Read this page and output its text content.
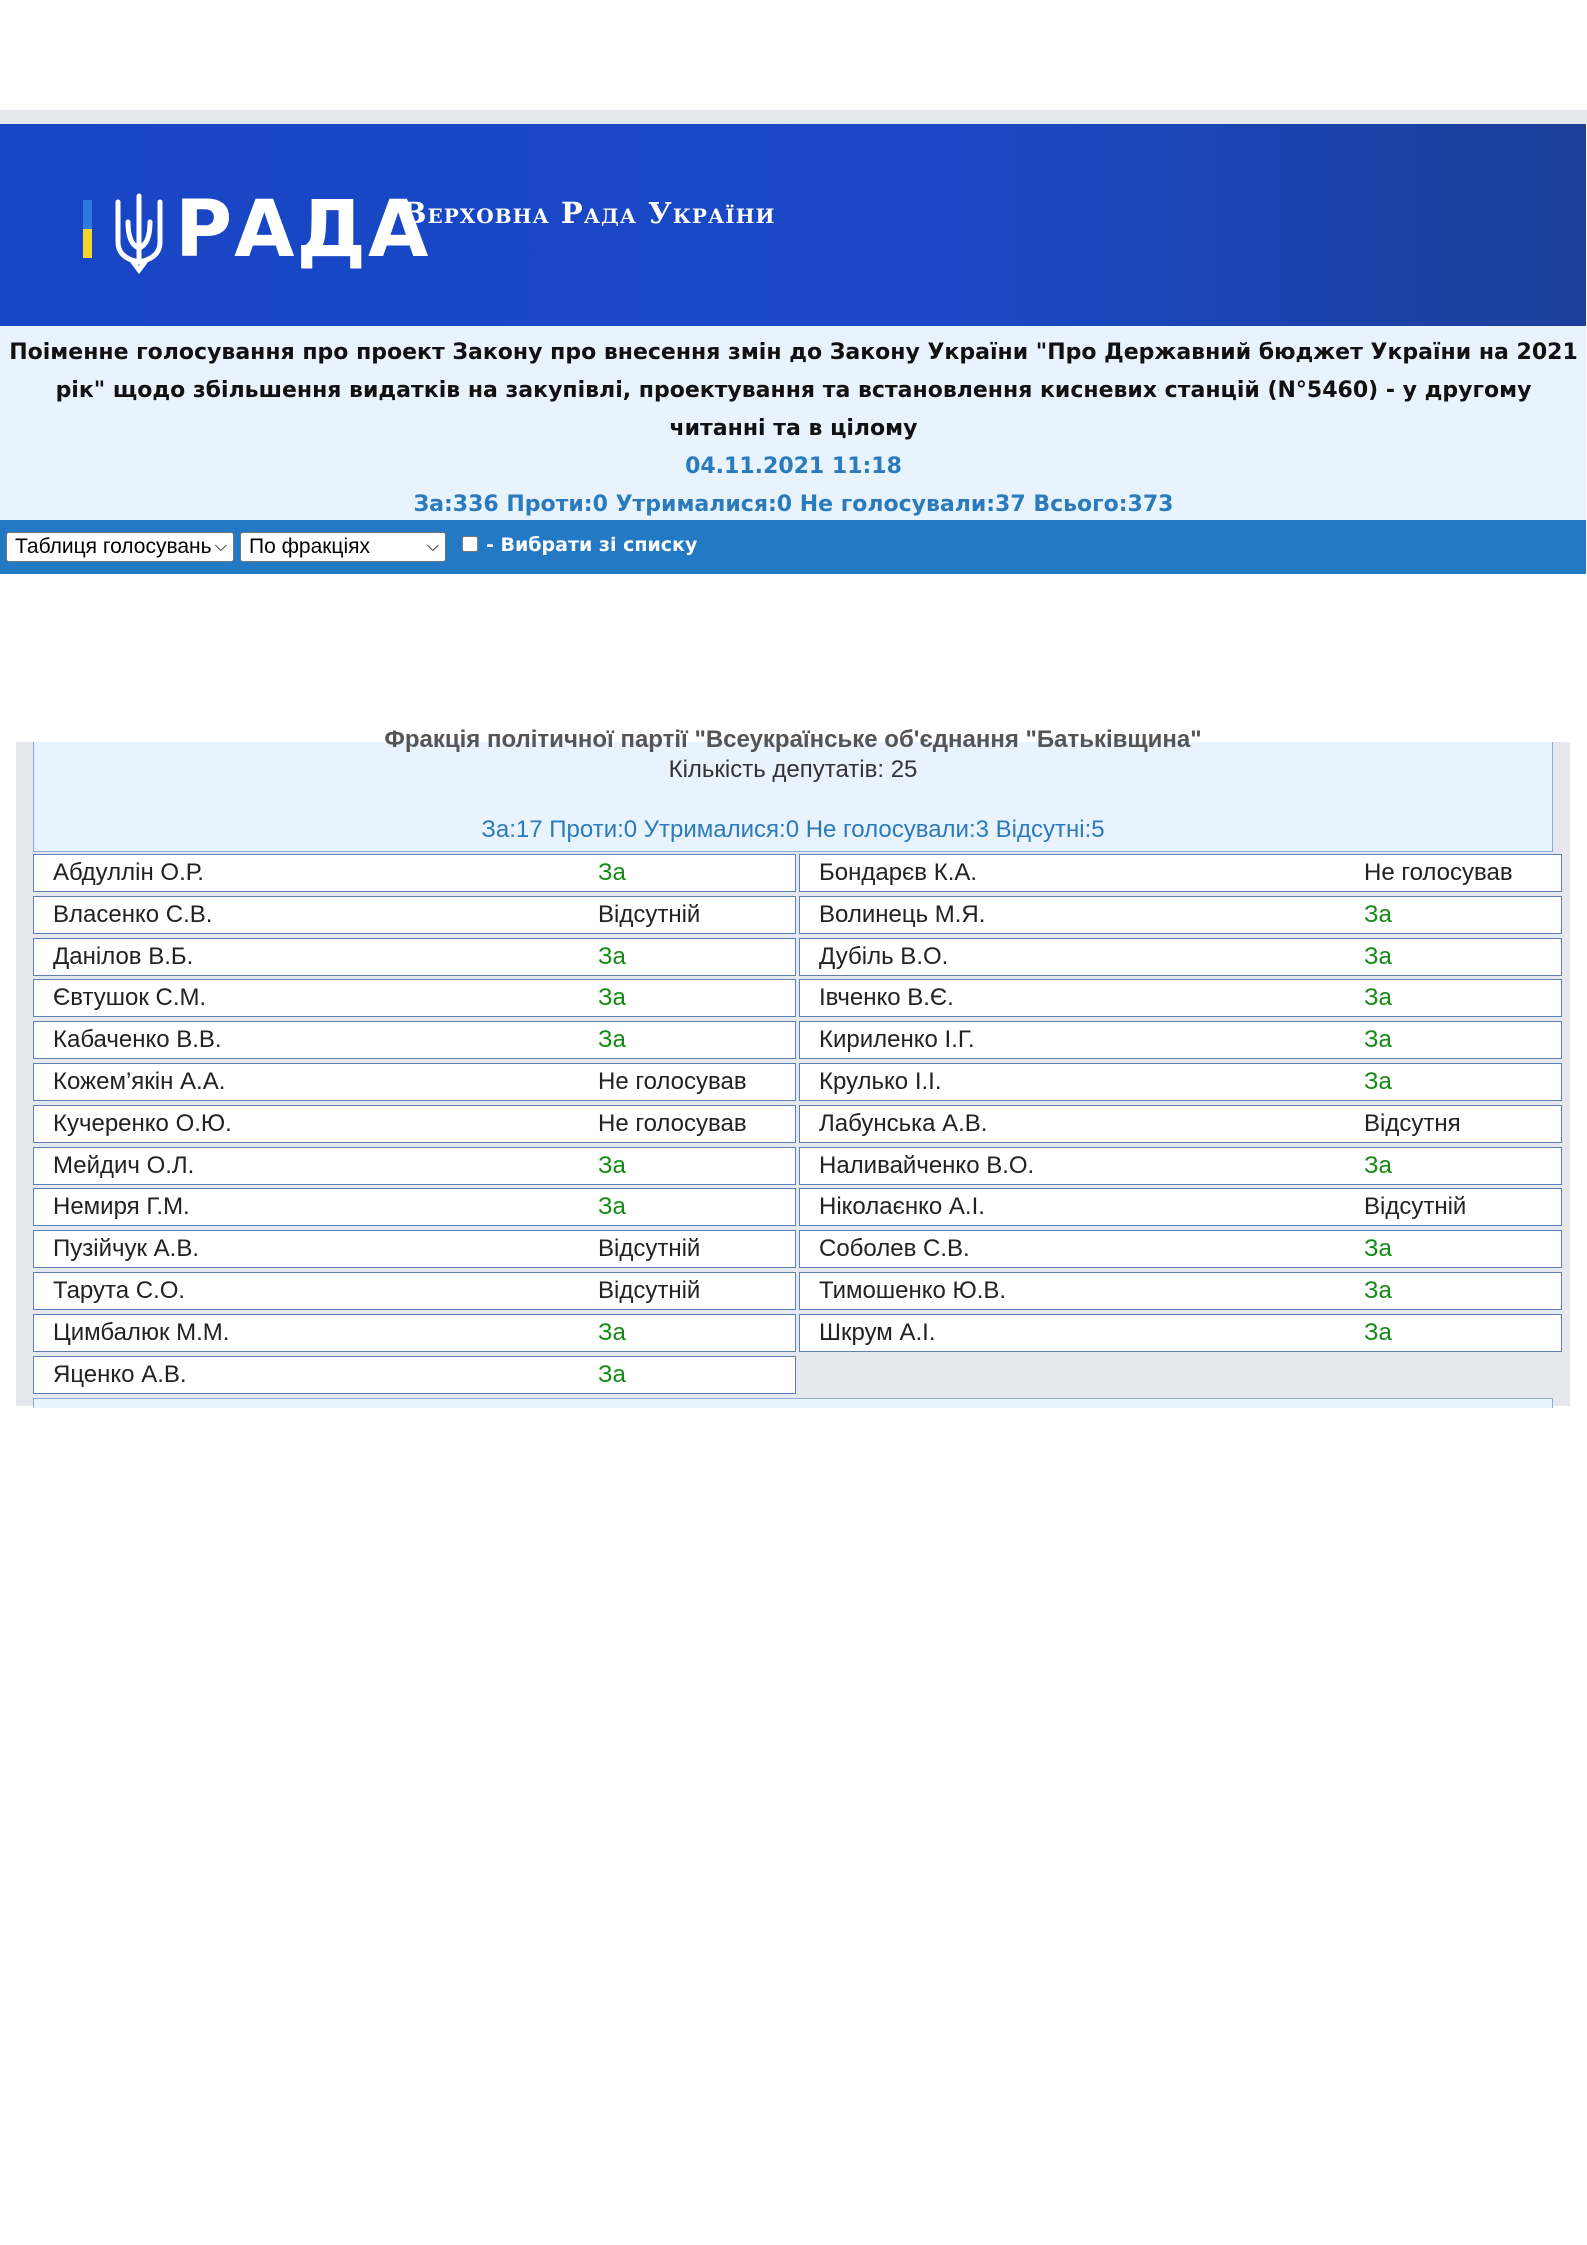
РАДА
Верховна Рада України
Поіменне голосування про проект Закону про внесення змін до Закону України "Про Державний бюджет України на 2021 рік" щодо збільшення видатків на закупівлі, проектування та встановлення кисневих станцій (N°5460) - у другому читанні та в цілому
04.11.2021 11:18
За:336 Проти:0 Утрималися:0 Не голосували:37 Всього:373
Таблиця голосувань ⌵	По фракціях	⌵ - Вибрати зі списку
Фракція політичної партії "Всеукраїнське об'єднання "Батьківщина"
Кількість депутатів: 25
За:17 Проти:0 Утрималися:0 Не голосували:3 Відсутні:5
Абдуллін О.Р.	За	Бондарєв К.А.	Не голосував
Власенко С.В.	Відсутній	Волинець М.Я.	За
Данілов В.Б.	За	Дубіль В.О.	За
Євтушок С.М.	За	Івченко В.Є.	За
Кабаченко В.В.	За	Кириленко І.Г.	За
Кожем’якін А.А.	Не голосував	Крулько І.І.	За
Кучеренко О.Ю.	Не голосував	Лабунська А.В.	Відсутня
Мейдич О.Л.	За	Наливайченко В.О.	За
Немиря Г.М.	За	Ніколаєнко А.І.	Відсутній
Пузійчук А.В.	Відсутній	Соболев С.В.	За
Тарута С.О.	Відсутній	Тимошенко Ю.В.	За
Цимбалюк М.М.	За	Шкрум А.І.	За
Яценко А.В.	За
